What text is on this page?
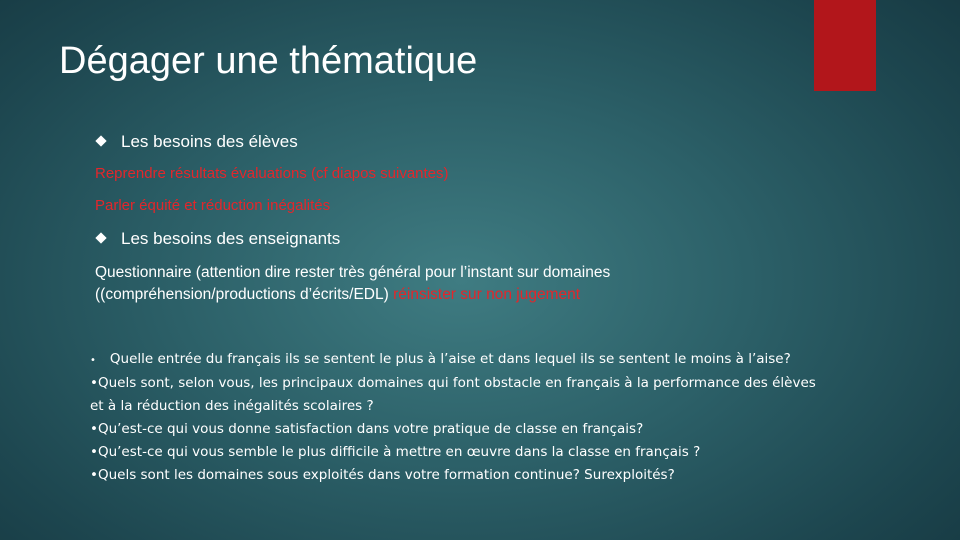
Dégager une thématique
Les besoins des élèves
Reprendre résultats évaluations (cf diapos suivantes)
Parler équité et réduction inégalités
Les besoins des enseignants
Questionnaire (attention dire rester très général pour l’instant sur domaines
((compréhension/productions d’écrits/EDL) réinsister sur non jugement
• Quelle entrée du français ils se sentent le plus à l’aise et dans lequel ils se sentent le moins à l’aise?
•Quels sont, selon vous, les principaux domaines qui font obstacle en français à la performance des élèves
et à la réduction des inégalités scolaires ?
•Qu’est-ce qui vous donne satisfaction dans votre pratique de classe en français?
•Qu’est-ce qui vous semble le plus difficile à mettre en œuvre dans la classe en français ?
•Quels sont les domaines sous exploités dans votre formation continue? Surexploités?
